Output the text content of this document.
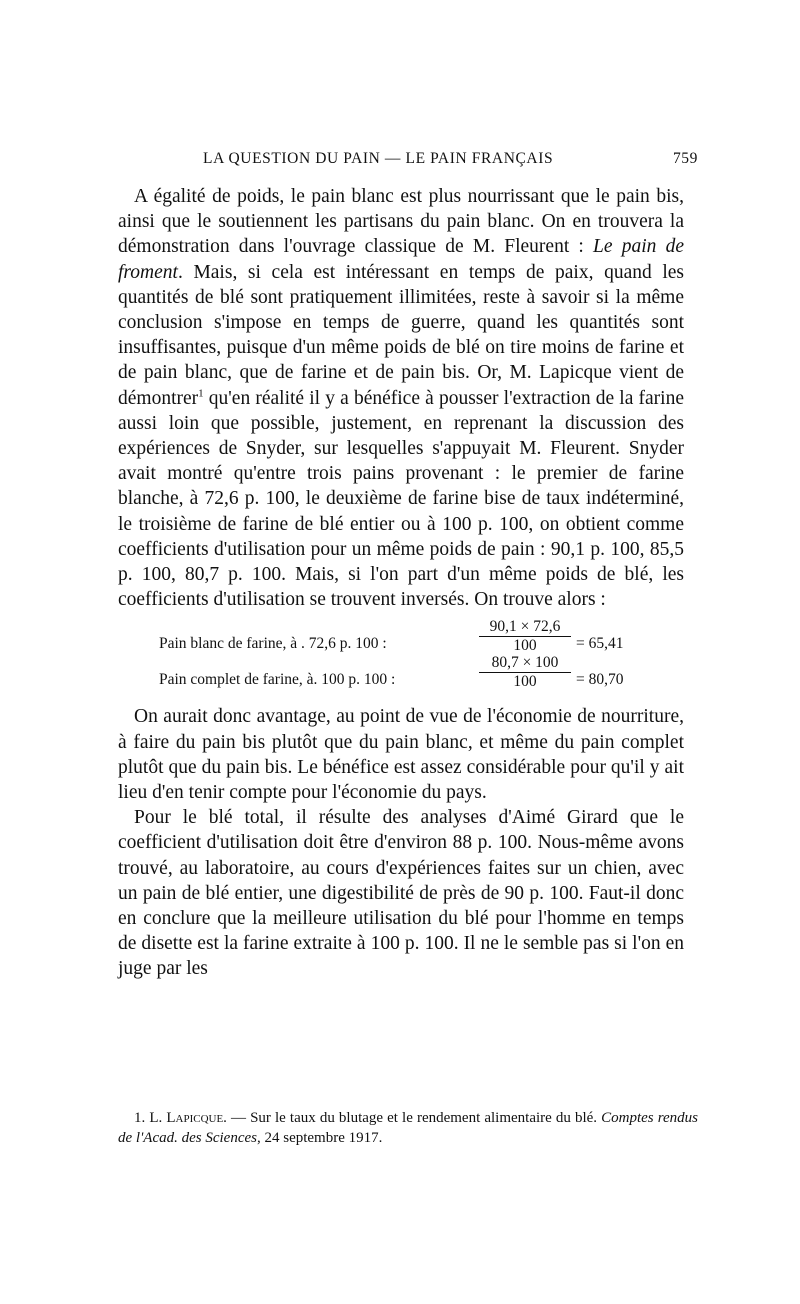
LA QUESTION DU PAIN — LE PAIN FRANÇAIS	759

A égalité de poids, le pain blanc est plus nourrissant que le pain bis, ainsi que le soutiennent les partisans du pain blanc. On en trouvera la démonstration dans l'ouvrage classique de M. Fleurent : Le pain de froment. Mais, si cela est intéressant en temps de paix, quand les quantités de blé sont pratiquement illimitées, reste à savoir si la même conclusion s'impose en temps de guerre, quand les quantités sont insuffisantes, puisque d'un même poids de blé on tire moins de farine et de pain blanc, que de farine et de pain bis. Or, M. Lapicque vient de démontrer$^1$ qu'en réalité il y a bénéfice à pousser l'extraction de la farine aussi loin que possible, justement, en reprenant la discussion des expériences de Snyder, sur lesquelles s'appuyait M. Fleurent. Snyder avait montré qu'entre trois pains provenant : le premier de farine blanche, à 72,6 p. 100, le deuxième de farine bise de taux indéterminé, le troisième de farine de blé entier ou à 100 p. 100, on obtient comme coefficients d'utilisation pour un même poids de pain : 90,1 p. 100, 85,5 p. 100, 80,7 p. 100. Mais, si l'on part d'un même poids de blé, les coefficients d'utilisation se trouvent inversés. On trouve alors :

Pain blanc de farine, à . 72,6 p. 100 :	$\frac{90,1 \times 72,6}{100} = 65,41$
Pain complet de farine, à. 100 p. 100 :	$\frac{80,7 \times 100}{100} = 80,70$

On aurait donc avantage, au point de vue de l'économie de nourriture, à faire du pain bis plutôt que du pain blanc, et même du pain complet plutôt que du pain bis. Le bénéfice est assez considérable pour qu'il y ait lieu d'en tenir compte pour l'économie du pays.

Pour le blé total, il résulte des analyses d'Aimé Girard que le coefficient d'utilisation doit être d'environ 88 p. 100. Nous-même avons trouvé, au laboratoire, au cours d'expériences faites sur un chien, avec un pain de blé entier, une digestibilité de près de 90 p. 100. Faut-il donc en conclure que la meilleure utilisation du blé pour l'homme en temps de disette est la farine extraite à 100 p. 100. Il ne le semble pas si l'on en juge par les

1. L. Lapicque. — Sur le taux du blutage et le rendement alimentaire du blé. Comptes rendus de l'Acad. des Sciences, 24 septembre 1917.
